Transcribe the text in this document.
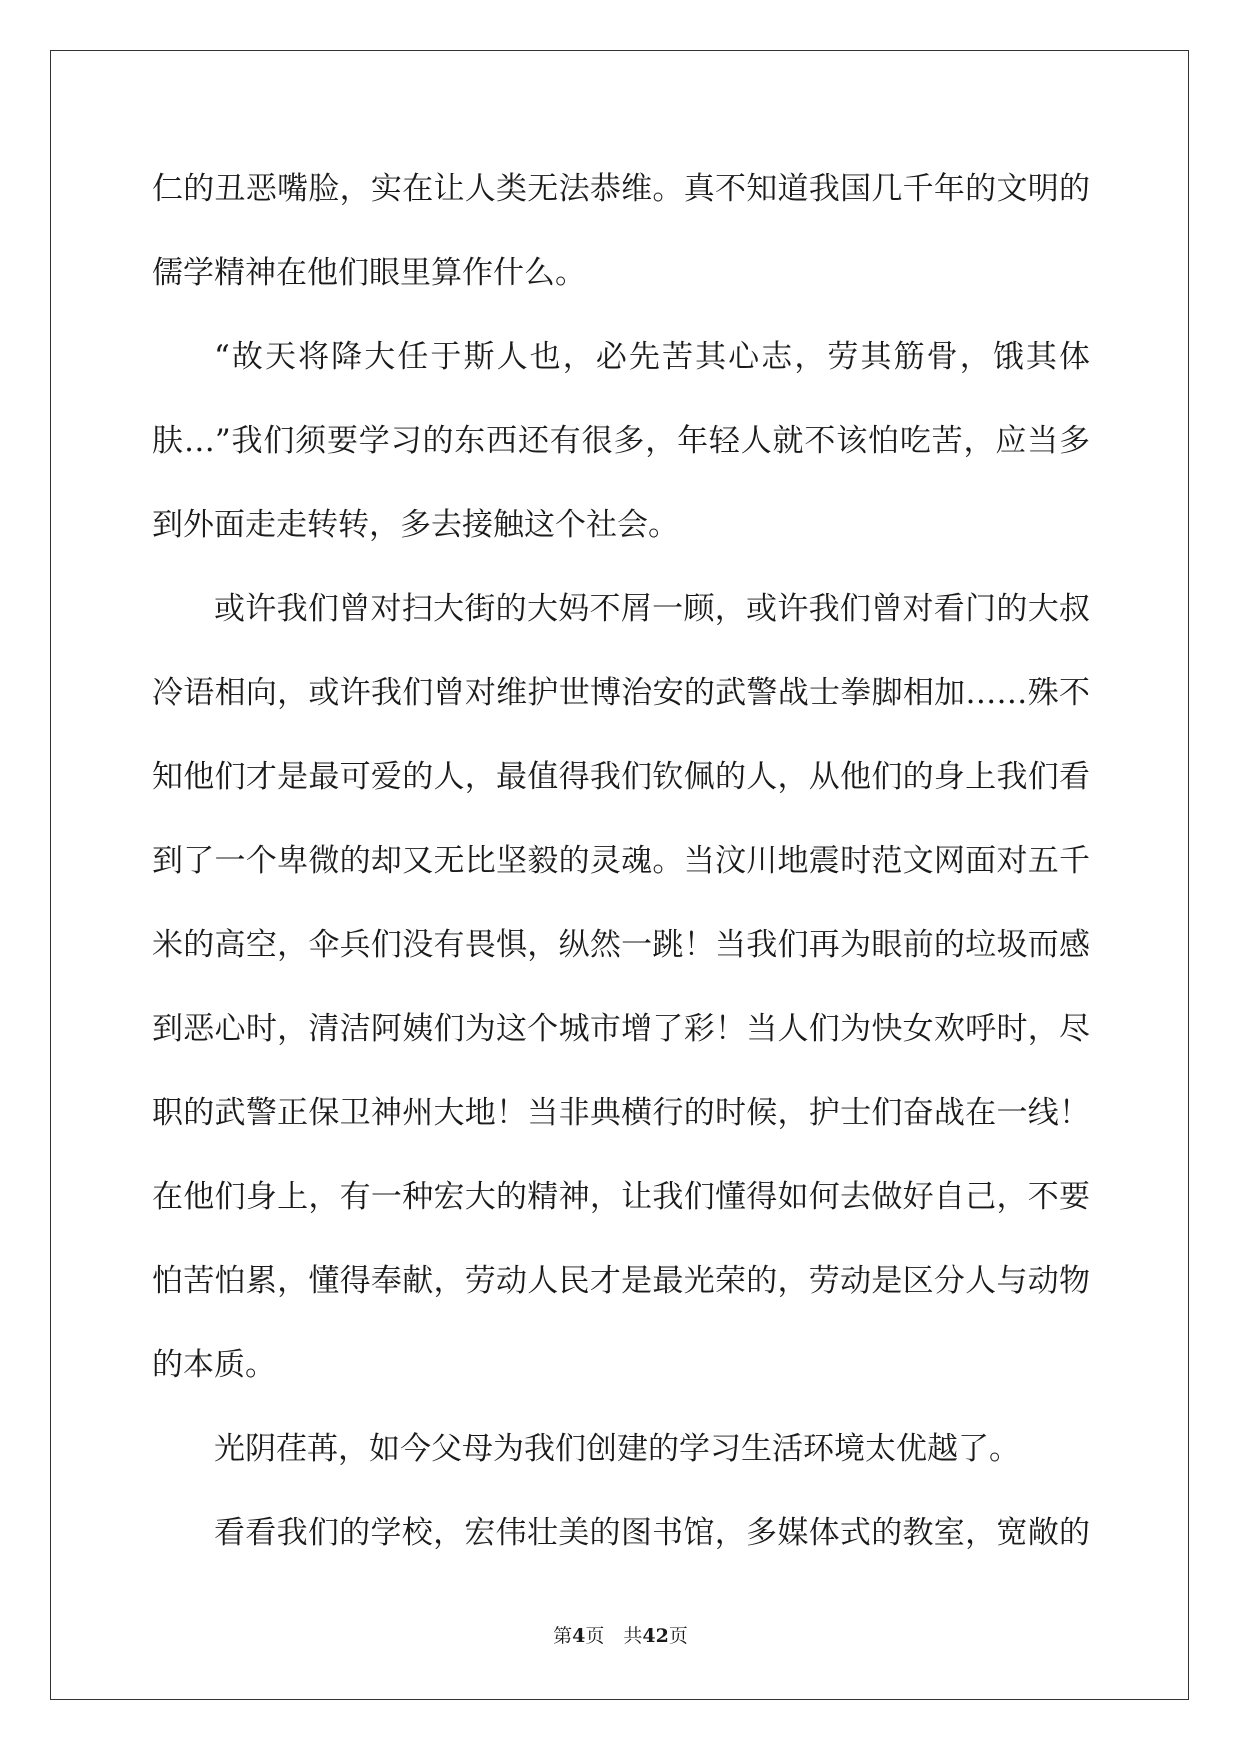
仁的丑恶嘴脸，实在让人类无法恭维。真不知道我国几千年的文明的
儒学精神在他们眼里算作什么。
“故天将降大任于斯人也，必先苦其心志，劳其筋骨，饿其体
肤…”我们须要学习的东西还有很多，年轻人就不该怕吃苦，应当多
到外面走走转转，多去接触这个社会。
或许我们曾对扫大街的大妈不屑一顾，或许我们曾对看门的大叔
冷语相向，或许我们曾对维护世博治安的武警战士拳脚相加……殊不
知他们才是最可爱的人，最值得我们钦佩的人，从他们的身上我们看
到了一个卑微的却又无比坚毅的灵魂。当汶川地震时范文网面对五千
米的高空，伞兵们没有畏惧，纵然一跳！当我们再为眼前的垃圾而感
到恶心时，清洁阿姨们为这个城市增了彩！当人们为快女欢呼时，尽
职的武警正保卫神州大地！当非典横行的时候，护士们奋战在一线！
在他们身上，有一种宏大的精神，让我们懂得如何去做好自己，不要
怕苦怕累，懂得奉献，劳动人民才是最光荣的，劳动是区分人与动物
的本质。
光阴荏苒，如今父母为我们创建的学习生活环境太优越了。
看看我们的学校，宏伟壮美的图书馆，多媒体式的教室，宽敞的
第4页　共42页
